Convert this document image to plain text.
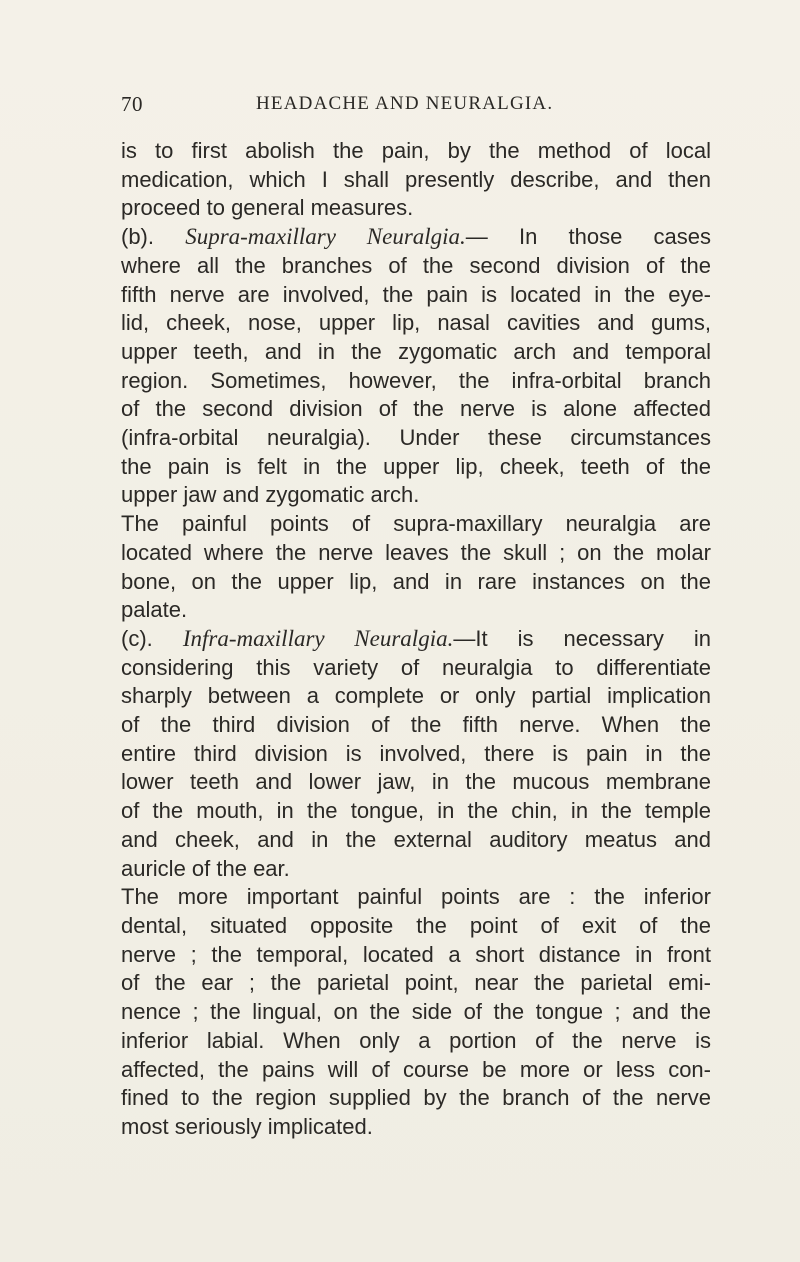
70	HEADACHE AND NEURALGIA.
is to first abolish the pain, by the method of local
medication, which I shall presently describe, and then
proceed to general measures.
(b). Supra-maxillary Neuralgia.— In those cases
where all the branches of the second division of the
fifth nerve are involved, the pain is located in the eye-
lid, cheek, nose, upper lip, nasal cavities and gums,
upper teeth, and in the zygomatic arch and temporal
region. Sometimes, however, the infra-orbital branch
of the second division of the nerve is alone affected
(infra-orbital neuralgia). Under these circumstances
the pain is felt in the upper lip, cheek, teeth of the
upper jaw and zygomatic arch.
The painful points of supra-maxillary neuralgia are
located where the nerve leaves the skull ; on the molar
bone, on the upper lip, and in rare instances on the
palate.
(c). Infra-maxillary Neuralgia.—It is necessary in
considering this variety of neuralgia to differentiate
sharply between a complete or only partial implication
of the third division of the fifth nerve. When the
entire third division is involved, there is pain in the
lower teeth and lower jaw, in the mucous membrane
of the mouth, in the tongue, in the chin, in the temple
and cheek, and in the external auditory meatus and
auricle of the ear.
The more important painful points are : the inferior
dental, situated opposite the point of exit of the
nerve ; the temporal, located a short distance in front
of the ear ; the parietal point, near the parietal emi-
nence ; the lingual, on the side of the tongue ; and the
inferior labial. When only a portion of the nerve is
affected, the pains will of course be more or less con-
fined to the region supplied by the branch of the nerve
most seriously implicated.
